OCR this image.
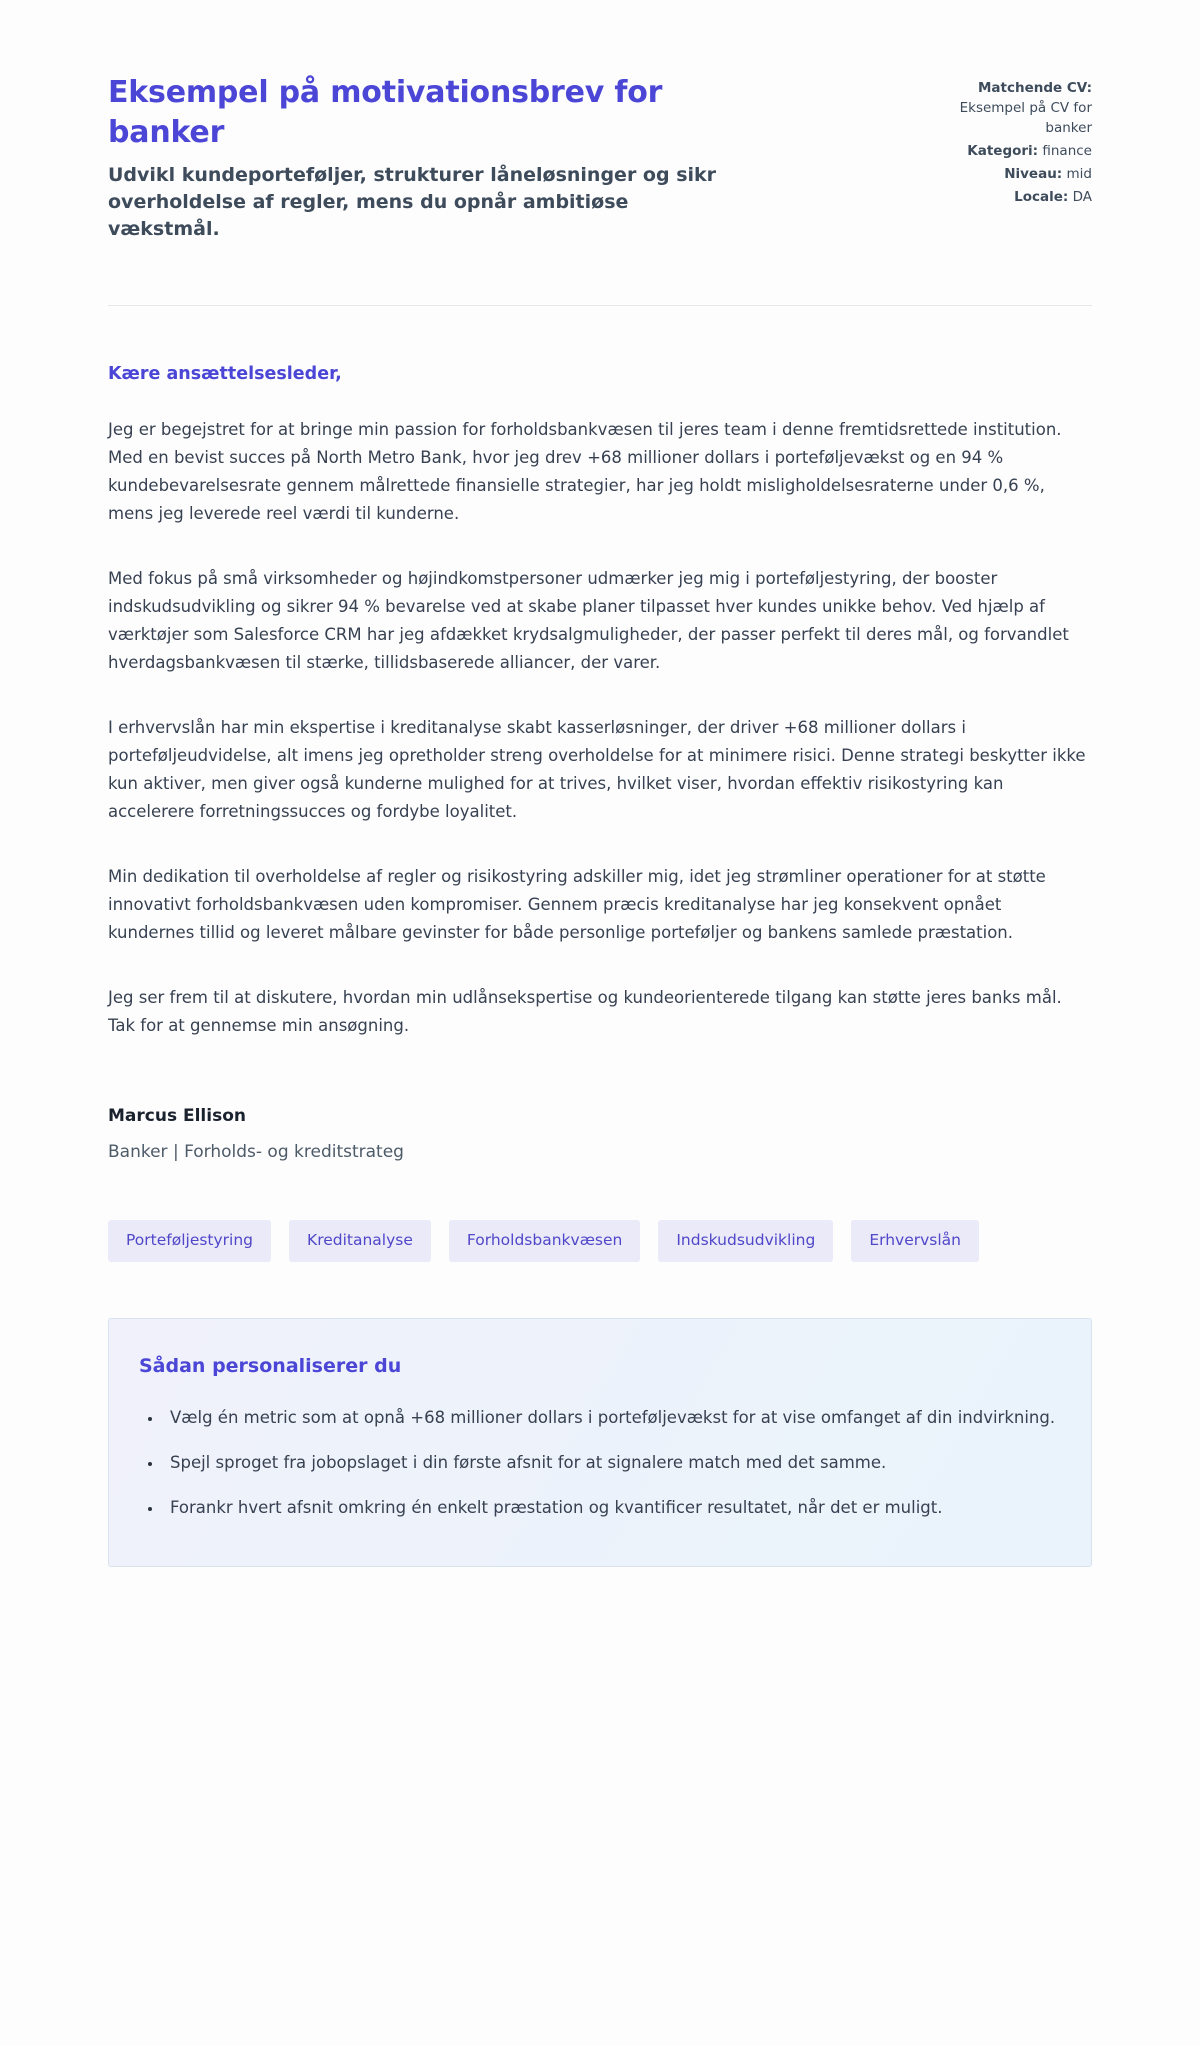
Eksempel på motivationsbrev for banker
Udvikl kundeporteføljer, strukturer låneløsninger og sikr overholdelse af regler, mens du opnår ambitiøse vækstmål.
Matchende CV:
Eksempel på CV for banker
Kategori: finance
Niveau: mid
Locale: DA

Kære ansættelsesleder,

Jeg er begejstret for at bringe min passion for forholdsbankvæsen til jeres team i denne fremtidsrettede institution. Med en bevist succes på North Metro Bank, hvor jeg drev +68 millioner dollars i porteføljevækst og en 94 % kundebevarelsesrate gennem målrettede finansielle strategier, har jeg holdt misligholdelsesraterne under 0,6 %, mens jeg leverede reel værdi til kunderne.

Med fokus på små virksomheder og højindkomstpersoner udmærker jeg mig i porteføljestyring, der booster indskudsudvikling og sikrer 94 % bevarelse ved at skabe planer tilpasset hver kundes unikke behov. Ved hjælp af værktøjer som Salesforce CRM har jeg afdækket krydsalgmuligheder, der passer perfekt til deres mål, og forvandlet hverdagsbankvæsen til stærke, tillidsbaserede alliancer, der varer.

I erhvervslån har min ekspertise i kreditanalyse skabt kasserløsninger, der driver +68 millioner dollars i porteføljeudvidelse, alt imens jeg opretholder streng overholdelse for at minimere risici. Denne strategi beskytter ikke kun aktiver, men giver også kunderne mulighed for at trives, hvilket viser, hvordan effektiv risikostyring kan accelerere forretningssucces og fordybe loyalitet.

Min dedikation til overholdelse af regler og risikostyring adskiller mig, idet jeg strømliner operationer for at støtte innovativt forholdsbankvæsen uden kompromiser. Gennem præcis kreditanalyse har jeg konsekvent opnået kundernes tillid og leveret målbare gevinster for både personlige porteføljer og bankens samlede præstation.

Jeg ser frem til at diskutere, hvordan min udlånsekspertise og kundeorienterede tilgang kan støtte jeres banks mål. Tak for at gennemse min ansøgning.

Marcus Ellison

Banker | Forholds- og kreditstrateg

Porteføljestyring	Kreditanalyse	Forholdsbankvæsen	Indskudsudvikling	Erhvervslån
Sådan personaliserer du
• Vælg én metric som at opnå +68 millioner dollars i porteføljevækst for at vise omfanget af din indvirkning.
• Spejl sproget fra jobopslaget i din første afsnit for at signalere match med det samme.
• Forankr hvert afsnit omkring én enkelt præstation og kvantificer resultatet, når det er muligt.
